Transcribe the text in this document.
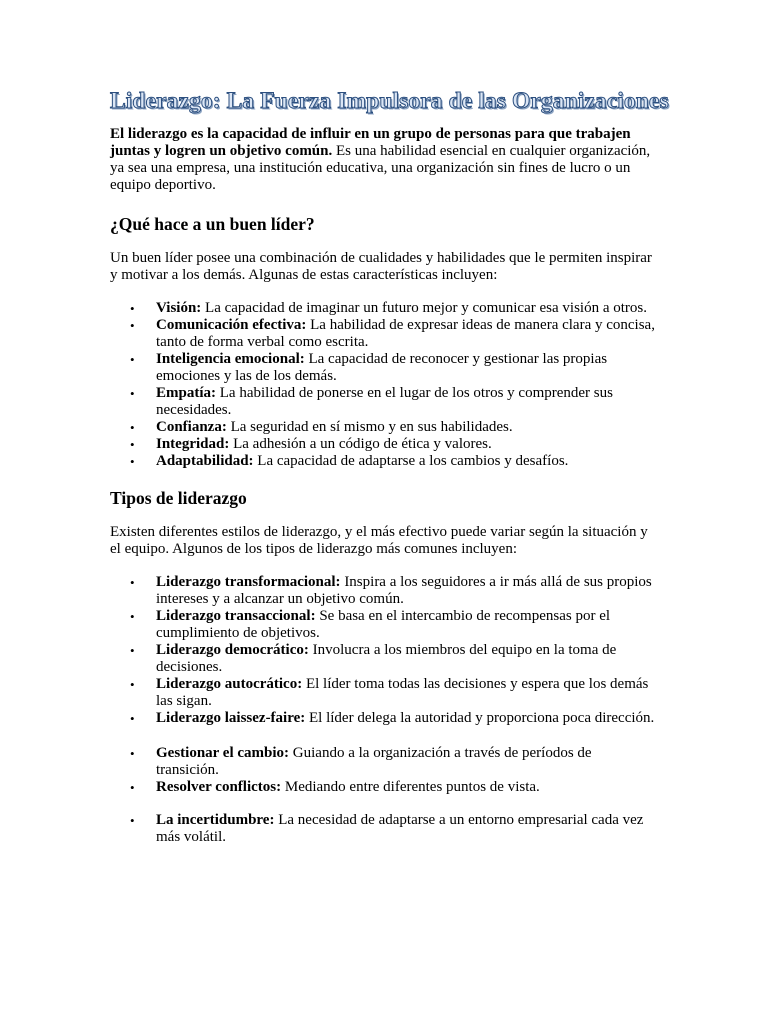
Liderazgo: La Fuerza Impulsora de las Organizaciones

El liderazgo es la capacidad de influir en un grupo de personas para que trabajen juntas y logren un objetivo común. Es una habilidad esencial en cualquier organización, ya sea una empresa, una institución educativa, una organización sin fines de lucro o un equipo deportivo.

¿Qué hace a un buen líder?

Un buen líder posee una combinación de cualidades y habilidades que le permiten inspirar y motivar a los demás. Algunas de estas características incluyen:

• Visión: La capacidad de imaginar un futuro mejor y comunicar esa visión a otros.
• Comunicación efectiva: La habilidad de expresar ideas de manera clara y concisa, tanto de forma verbal como escrita.
• Inteligencia emocional: La capacidad de reconocer y gestionar las propias emociones y las de los demás.
• Empatía: La habilidad de ponerse en el lugar de los otros y comprender sus necesidades.
• Confianza: La seguridad en sí mismo y en sus habilidades.
• Integridad: La adhesión a un código de ética y valores.
• Adaptabilidad: La capacidad de adaptarse a los cambios y desafíos.
Tipos de liderazgo

Existen diferentes estilos de liderazgo, y el más efectivo puede variar según la situación y el equipo. Algunos de los tipos de liderazgo más comunes incluyen:

• Liderazgo transformacional: Inspira a los seguidores a ir más allá de sus propios intereses y a alcanzar un objetivo común.
• Liderazgo transaccional: Se basa en el intercambio de recompensas por el cumplimiento de objetivos.
• Liderazgo democrático: Involucra a los miembros del equipo en la toma de decisiones.
• Liderazgo autocrático: El líder toma todas las decisiones y espera que los demás las sigan.
• Liderazgo laissez-faire: El líder delega la autoridad y proporciona poca dirección.
• Gestionar el cambio: Guiando a la organización a través de períodos de transición.
• Resolver conflictos: Mediando entre diferentes puntos de vista.
• La incertidumbre: La necesidad de adaptarse a un entorno empresarial cada vez más volátil.
